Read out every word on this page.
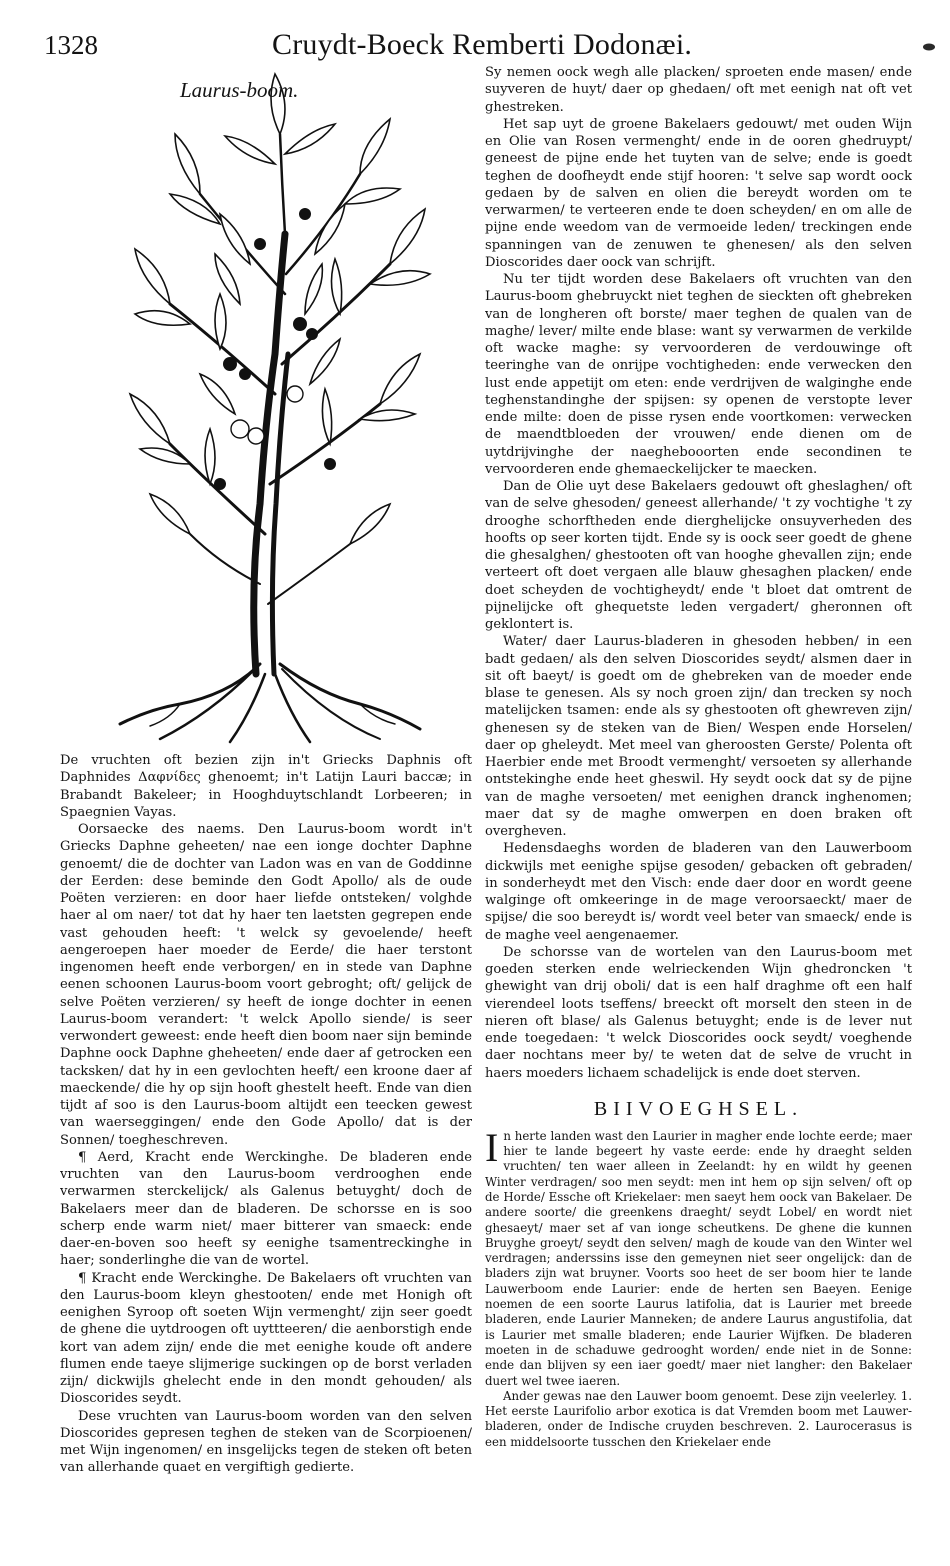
1328	Cruydt-Boeck Remberti Dodonæi.
Laurus-boom.

De vruchten oft bezien zijn in't Griecks Daphnis oft Daphnides Δαφνίδες ghenoemt; in't Latijn Lauri baccæ; in Brabandt Bakeleer; in Hooghduytschlandt Lorbeeren; in Spaegnien Vayas.

Oorsaecke des naems. Den Laurus-boom wordt in't Griecks Daphne geheeten/ nae een ionge dochter Daphne genoemt/ die de dochter van Ladon was en van de Goddinne der Eerden: dese beminde den Godt Apollo/ als de oude Poëten verzieren: en door haer liefde ontsteken/ volghde haer al om naer/ tot dat hy haer ten laetsten gegrepen ende vast gehouden heeft: 't welck sy gevoelende/ heeft aengeroepen haer moeder de Eerde/ die haer terstont ingenomen heeft ende verborgen/ en in stede van Daphne eenen schoonen Laurus-boom voort gebroght; oft/ gelijck de selve Poëten verzieren/ sy heeft de ionge dochter in eenen Laurus-boom verandert: 't welck Apollo siende/ is seer verwondert geweest: ende heeft dien boom naer sijn beminde Daphne oock Daphne gheheeten/ ende daer af getrocken een tacksken/ dat hy in een gevlochten heeft/ een kroone daer af maeckende/ die hy op sijn hooft ghestelt heeft. Ende van dien tijdt af soo is den Laurus-boom altijdt een teecken gewest van waerseggingen/ ende den Gode Apollo/ dat is der Sonnen/ toegheschreven.

¶ Aerd, Kracht ende Werckinghe. De bladeren ende vruchten van den Laurus-boom verdrooghen ende verwarmen sterckelijck/ als Galenus betuyght/ doch de Bakelaers meer dan de bladeren. De schorsse en is soo scherp ende warm niet/ maer bitterer van smaeck: ende daer-en-boven soo heeft sy eenighe tsamentreckinghe in haer; sonderlinghe die van de wortel.

¶ Kracht ende Werckinghe. De Bakelaers oft vruchten van den Laurus-boom kleyn ghestooten/ ende met Honigh oft eenighen Syroop oft soeten Wijn vermenght/ zijn seer goedt de ghene die uytdroogen oft uyttteeren/ die aenborstigh ende kort van adem zijn/ ende die met eenighe koude oft andere flumen ende taeye slijmerige suckingen op de borst verladen zijn/ dickwijls ghelecht ende in den mondt gehouden/ als Dioscorides seydt.

Dese vruchten van Laurus-boom worden van den selven Dioscorides gepresen teghen de steken van de Scorpioenen/ met Wijn ingenomen/ en insgelijcks tegen de steken oft beten van allerhande quaet en vergiftigh gedierte.

Sy nemen oock wegh alle placken/ sproeten ende masen/ ende suyveren de huyt/ daer op ghedaen/ oft met eenigh nat oft vet ghestreken.

Het sap uyt de groene Bakelaers gedouwt/ met ouden Wijn en Olie van Rosen vermenght/ ende in de ooren ghedruypt/ geneest de pijne ende het tuyten van de selve; ende is goedt teghen de doofheydt ende stijf hooren: 't selve sap wordt oock gedaen by de salven en olien die bereydt worden om te verwarmen/ te verteeren ende te doen scheyden/ en om alle de pijne ende weedom van de vermoeide leden/ treckingen ende spanningen van de zenuwen te ghenesen/ als den selven Dioscorides daer oock van schrijft.

Nu ter tijdt worden dese Bakelaers oft vruchten van den Laurus-boom ghebruyckt niet teghen de sieckten oft ghebreken van de longheren oft borste/ maer teghen de qualen van de maghe/ lever/ milte ende blase: want sy verwarmen de verkilde oft wacke maghe: sy vervoorderen de verdouwinge oft teeringhe van de onrijpe vochtigheden: ende verwecken den lust ende appetijt om eten: ende verdrijven de walginghe ende teghenstandinghe der spijsen: sy openen de verstopte lever ende milte: doen de pisse rysen ende voortkomen: verwecken de maendtbloeden der vrouwen/ ende dienen om de uytdrijvinghe der naeghebooorten ende secondinen te vervoorderen ende ghemaeckelijcker te maecken.

Dan de Olie uyt dese Bakelaers gedouwt oft gheslaghen/ oft van de selve ghesoden/ geneest allerhande/ 't zy vochtighe 't zy drooghe schorftheden ende dierghelijcke onsuyverheden des hoofts op seer korten tijdt. Ende sy is oock seer goedt de ghene die ghesalghen/ ghestooten oft van hooghe ghevallen zijn; ende verteert oft doet vergaen alle blauw ghesaghen placken/ ende doet scheyden de vochtigheydt/ ende 't bloet dat omtrent de pijnelijcke oft ghequetste leden vergadert/ gheronnen oft geklontert is.

Water/ daer Laurus-bladeren in ghesoden hebben/ in een badt gedaen/ als den selven Dioscorides seydt/ alsmen daer in sit oft baeyt/ is goedt om de ghebreken van de moeder ende blase te genesen. Als sy noch groen zijn/ dan trecken sy noch matelijcken tsamen: ende als sy ghestooten oft ghewreven zijn/ ghenesen sy de steken van de Bien/ Wespen ende Horselen/ daer op gheleydt. Met meel van gheroosten Gerste/ Polenta oft Haerbier ende met Broodt vermenght/ versoeten sy allerhande ontstekinghe ende heet gheswil. Hy seydt oock dat sy de pijne van de maghe versoeten/ met eenighen dranck inghenomen; maer dat sy de maghe omwerpen en doen braken oft overgheven.

Hedensdaeghs worden de bladeren van den Lauwerboom dickwijls met eenighe spijse gesoden/ gebacken oft gebraden/ in sonderheydt met den Visch: ende daer door en wordt geene walginge oft omkeeringe in de mage veroorsaeckt/ maer de spijse/ die soo bereydt is/ wordt veel beter van smaeck/ ende is de maghe veel aengenaemer.

De schorsse van de wortelen van den Laurus-boom met goeden sterken ende welrieckenden Wijn ghedroncken 't ghewight van drij oboli/ dat is een half draghme oft een half vierendeel loots tseffens/ breeckt oft morselt den steen in de nieren oft blase/ als Galenus betuyght; ende is de lever nut ende toegedaen: 't welck Dioscorides oock seydt/ voeghende daer nochtans meer by/ te weten dat de selve de vrucht in haers moeders lichaem schadelijck is ende doet sterven.

BIIVOEGHSEL.

In herte landen wast den Laurier in magher ende lochte eerde; maer hier te lande begeert hy vaste eerde: ende hy draeght selden vruchten/ ten waer alleen in Zeelandt: hy en wildt hy geenen Winter verdragen/ soo men seydt: men int hem op sijn selven/ oft op de Horde/ Essche oft Kriekelaer: men saeyt hem oock van Bakelaer. De andere soorte/ die greenkens draeght/ seydt Lobel/ en wordt niet ghesaeyt/ maer set af van ionge scheutkens. De ghene die kunnen Bruyghe groeyt/ seydt den selven/ magh de koude van den Winter wel verdragen; anderssins isse den gemeynen niet seer ongelijck: dan de bladers zijn wat bruyner. Voorts soo heet de ser boom hier te lande Lauwerboom ende Laurier: ende de herten sen Baeyen. Eenige noemen de een soorte Laurus latifolia, dat is Laurier met breede bladeren, ende Laurier Manneken; de andere Laurus angustifolia, dat is Laurier met smalle bladeren; ende Laurier Wijfken. De bladeren moeten in de schaduwe gedrooght worden/ ende niet in de Sonne: ende dan blijven sy een iaer goedt/ maer niet langher: den Bakelaer duert wel twee iaeren.

Ander gewas nae den Lauwer boom genoemt. Dese zijn veelerley. 1. Het eerste Laurifolio arbor exotica is dat Vremden boom met Lauwer-bladeren, onder de Indische cruyden beschreven. 2. Laurocerasus is een middelsoorte tusschen den Kriekelaer ende
